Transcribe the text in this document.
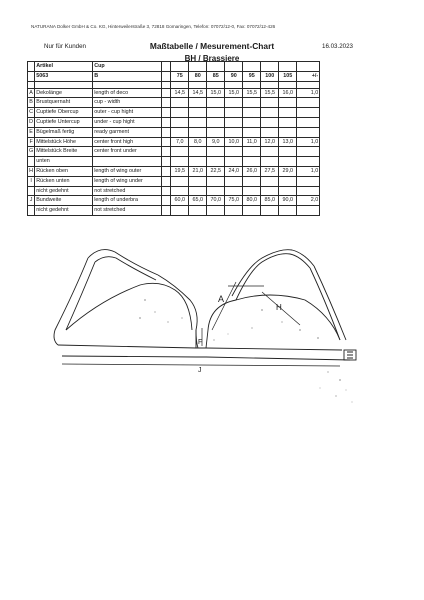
NATURANA Dolker GmbH & Co. KG, Hinterweilerstraße 3, 72818 Gomaringen, Telefon: 07072/12-0, Fax: 07072/12-426
Nur für Kunden	Maßtabelle / Mesurement-Chart
BH / Brassiere
16.03.2023
	Artikel	Cup									
	5063	B		75	80	85	90	95	100	105	+/-

A	Dekolänge	length of deco		14,5	14,5	15,0	15,0	15,5	15,5	16,0	1,0
B	Brustquernaht	cup - width									
C	Cuptiefe Obercup	outer - cup hight									
D	Cuptiefe Untercup	under - cup hight									
E	Bügelmaß fertig	ready garment									
F	Mittelstück Höhe	center front high		7,0	8,0	9,0	10,0	11,0	12,0	13,0	1,0
G	Mittelstück Breite	center front under									
	unten										
H	Rücken oben	length of wing outer		19,5	21,0	22,5	24,0	26,0	27,5	29,0	1,0
I	Rücken unten	length of wing under									
	nicht gedehnt	not stretched									
J	Bundweite	length of underbra		60,0	65,0	70,0	75,0	80,0	85,0	90,0	2,0
	nicht gedehnt	not stretched									
A
H
F
J
